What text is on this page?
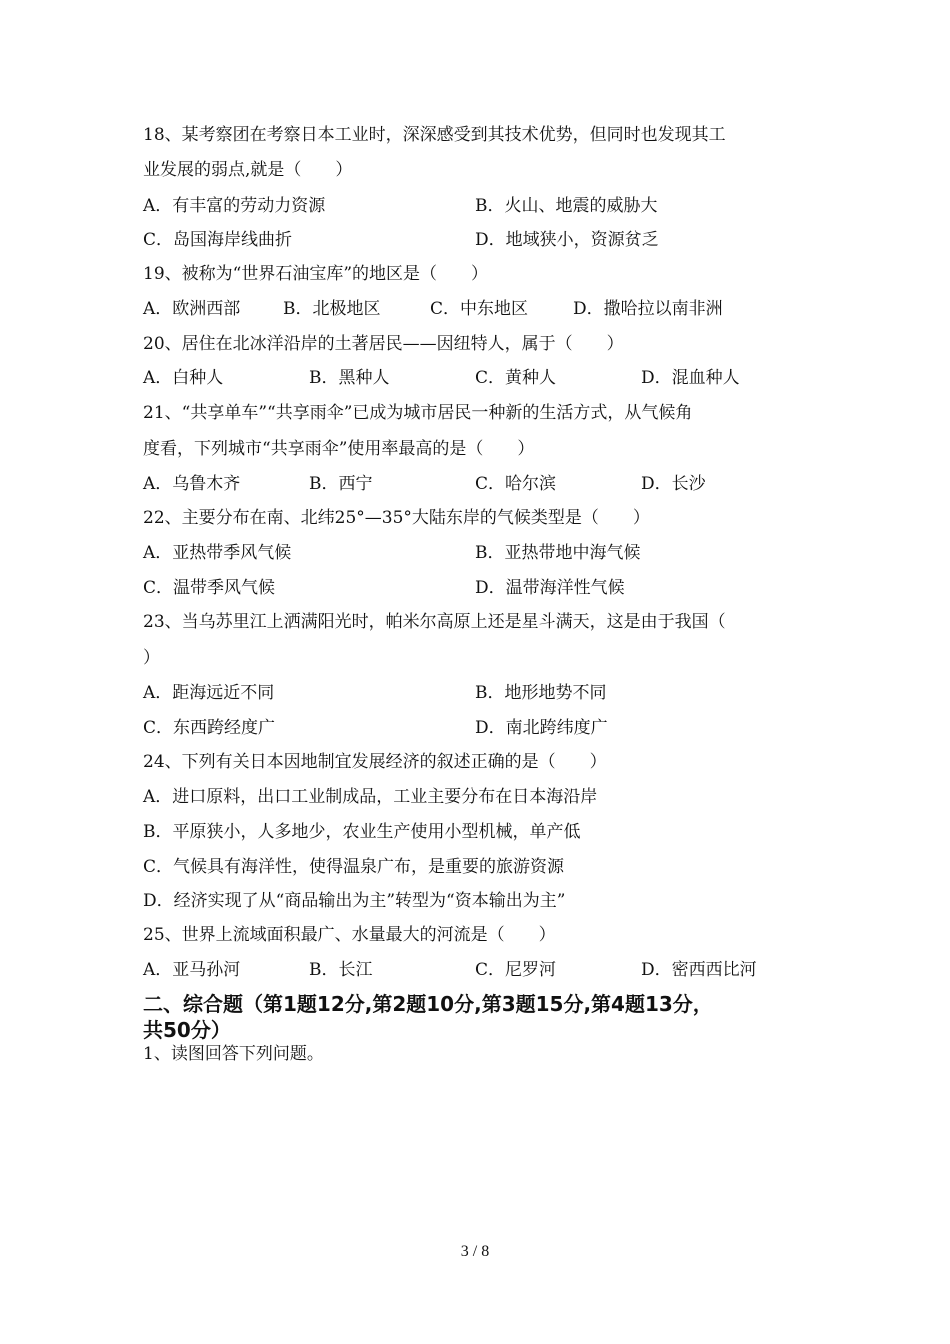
18、某考察团在考察日本工业时，深深感受到其技术优势，但同时也发现其工
业发展的弱点,就是（　　）
A．有丰富的劳动力资源	B．火山、地震的威胁大
C．岛国海岸线曲折	D．地域狭小，资源贫乏
19、被称为“世界石油宝库”的地区是（　　）
A．欧洲西部	B．北极地区	C．中东地区	D．撒哈拉以南非洲
20、居住在北冰洋沿岸的土著居民——因纽特人，属于（　　）
A．白种人	B．黑种人	C．黄种人	D．混血种人
21、“共享单车”“共享雨伞”已成为城市居民一种新的生活方式，从气候角
度看，下列城市“共享雨伞”使用率最高的是（　　）
A．乌鲁木齐	B．西宁	C．哈尔滨	D．长沙
22、主要分布在南、北纬25°—35°大陆东岸的气候类型是（　　）
A．亚热带季风气候	B．亚热带地中海气候
C．温带季风气候	D．温带海洋性气候
23、当乌苏里江上洒满阳光时，帕米尔高原上还是星斗满天，这是由于我国（
）
A．距海远近不同	B．地形地势不同
C．东西跨经度广	D．南北跨纬度广
24、下列有关日本因地制宜发展经济的叙述正确的是（　　）
A．进口原料，出口工业制成品，工业主要分布在日本海沿岸
B．平原狭小，人多地少，农业生产使用小型机械，单产低
C．气候具有海洋性，使得温泉广布，是重要的旅游资源
D．经济实现了从“商品输出为主”转型为“资本输出为主”
25、世界上流域面积最广、水量最大的河流是（　　）
A．亚马孙河	B．长江	C．尼罗河	D．密西西比河
二、综合题（第1题12分,第2题10分,第3题15分,第4题13分，
共50分）
1、读图回答下列问题。
3 / 8
